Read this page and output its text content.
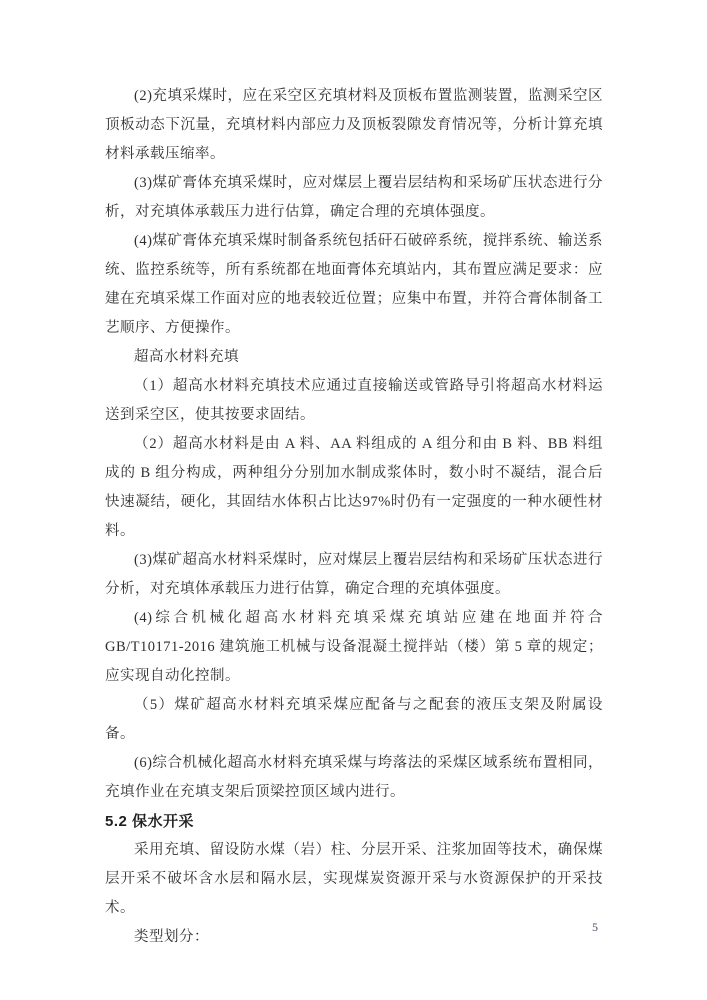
(2)充填采煤时，应在采空区充填材料及顶板布置监测装置，监测采空区顶板动态下沉量，充填材料内部应力及顶板裂隙发育情况等，分析计算充填材料承载压缩率。

(3)煤矿膏体充填采煤时，应对煤层上覆岩层结构和采场矿压状态进行分析，对充填体承载压力进行估算，确定合理的充填体强度。

(4)煤矿膏体充填采煤时制备系统包括矸石破碎系统，搅拌系统、输送系统、监控系统等，所有系统都在地面膏体充填站内，其布置应满足要求：应建在充填采煤工作面对应的地表较近位置；应集中布置，并符合膏体制备工艺顺序、方便操作。

超高水材料充填

（1）超高水材料充填技术应通过直接输送或管路导引将超高水材料运送到采空区，使其按要求固结。

（2）超高水材料是由 A 料、AA 料组成的 A 组分和由 B 料、BB 料组成的 B 组分构成，两种组分分别加水制成浆体时，数小时不凝结，混合后快速凝结，硬化，其固结水体积占比达97%时仍有一定强度的一种水硬性材料。

(3)煤矿超高水材料采煤时，应对煤层上覆岩层结构和采场矿压状态进行分析，对充填体承载压力进行估算，确定合理的充填体强度。

(4)综合机械化超高水材料充填采煤充填站应建在地面并符合 GB/T10171-2016 建筑施工机械与设备混凝土搅拌站（楼）第 5 章的规定；应实现自动化控制。

（5）煤矿超高水材料充填采煤应配备与之配套的液压支架及附属设备。

(6)综合机械化超高水材料充填采煤与垮落法的采煤区域系统布置相同，充填作业在充填支架后顶梁控顶区域内进行。

5.2 保水开采

采用充填、留设防水煤（岩）柱、分层开采、注浆加固等技术，确保煤层开采不破坏含水层和隔水层，实现煤炭资源开采与水资源保护的开采技术。

类型划分：

5
